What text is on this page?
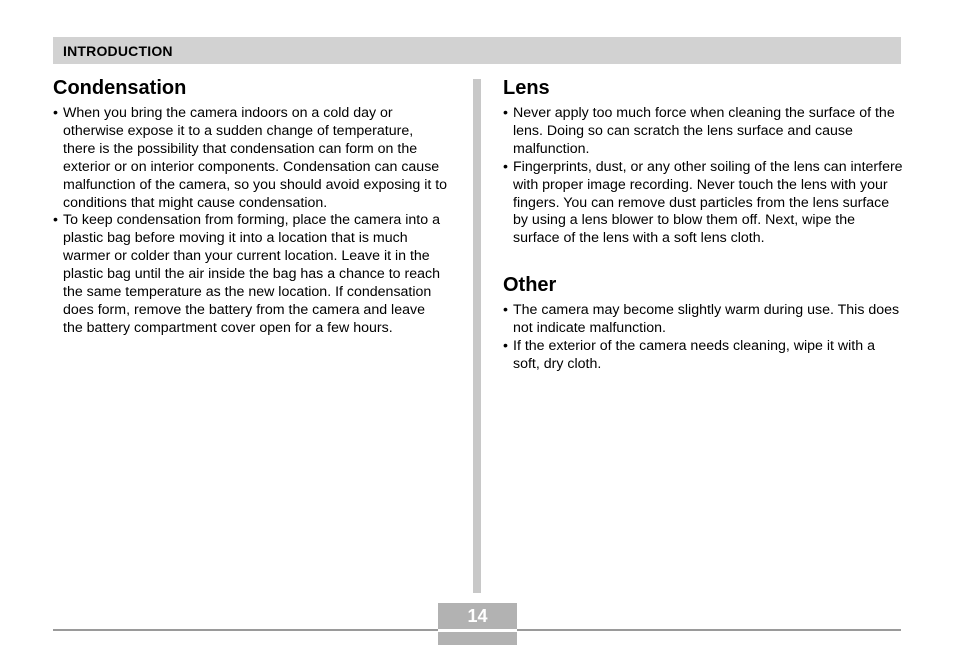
INTRODUCTION
Condensation
• When you bring the camera indoors on a cold day or otherwise expose it to a sudden change of temperature, there is the possibility that condensation can form on the exterior or on interior components. Condensation can cause malfunction of the camera, so you should avoid exposing it to conditions that might cause condensation.
• To keep condensation from forming, place the camera into a plastic bag before moving it into a location that is much warmer or colder than your current location. Leave it in the plastic bag until the air inside the bag has a chance to reach the same temperature as the new location. If condensation does form, remove the battery from the camera and leave the battery compartment cover open for a few hours.
Lens
• Never apply too much force when cleaning the surface of the lens. Doing so can scratch the lens surface and cause malfunction.
• Fingerprints, dust, or any other soiling of the lens can interfere with proper image recording. Never touch the lens with your fingers. You can remove dust particles from the lens surface by using a lens blower to blow them off. Next, wipe the surface of the lens with a soft lens cloth.
Other
• The camera may become slightly warm during use. This does not indicate malfunction.
• If the exterior of the camera needs cleaning, wipe it with a soft, dry cloth.
14
